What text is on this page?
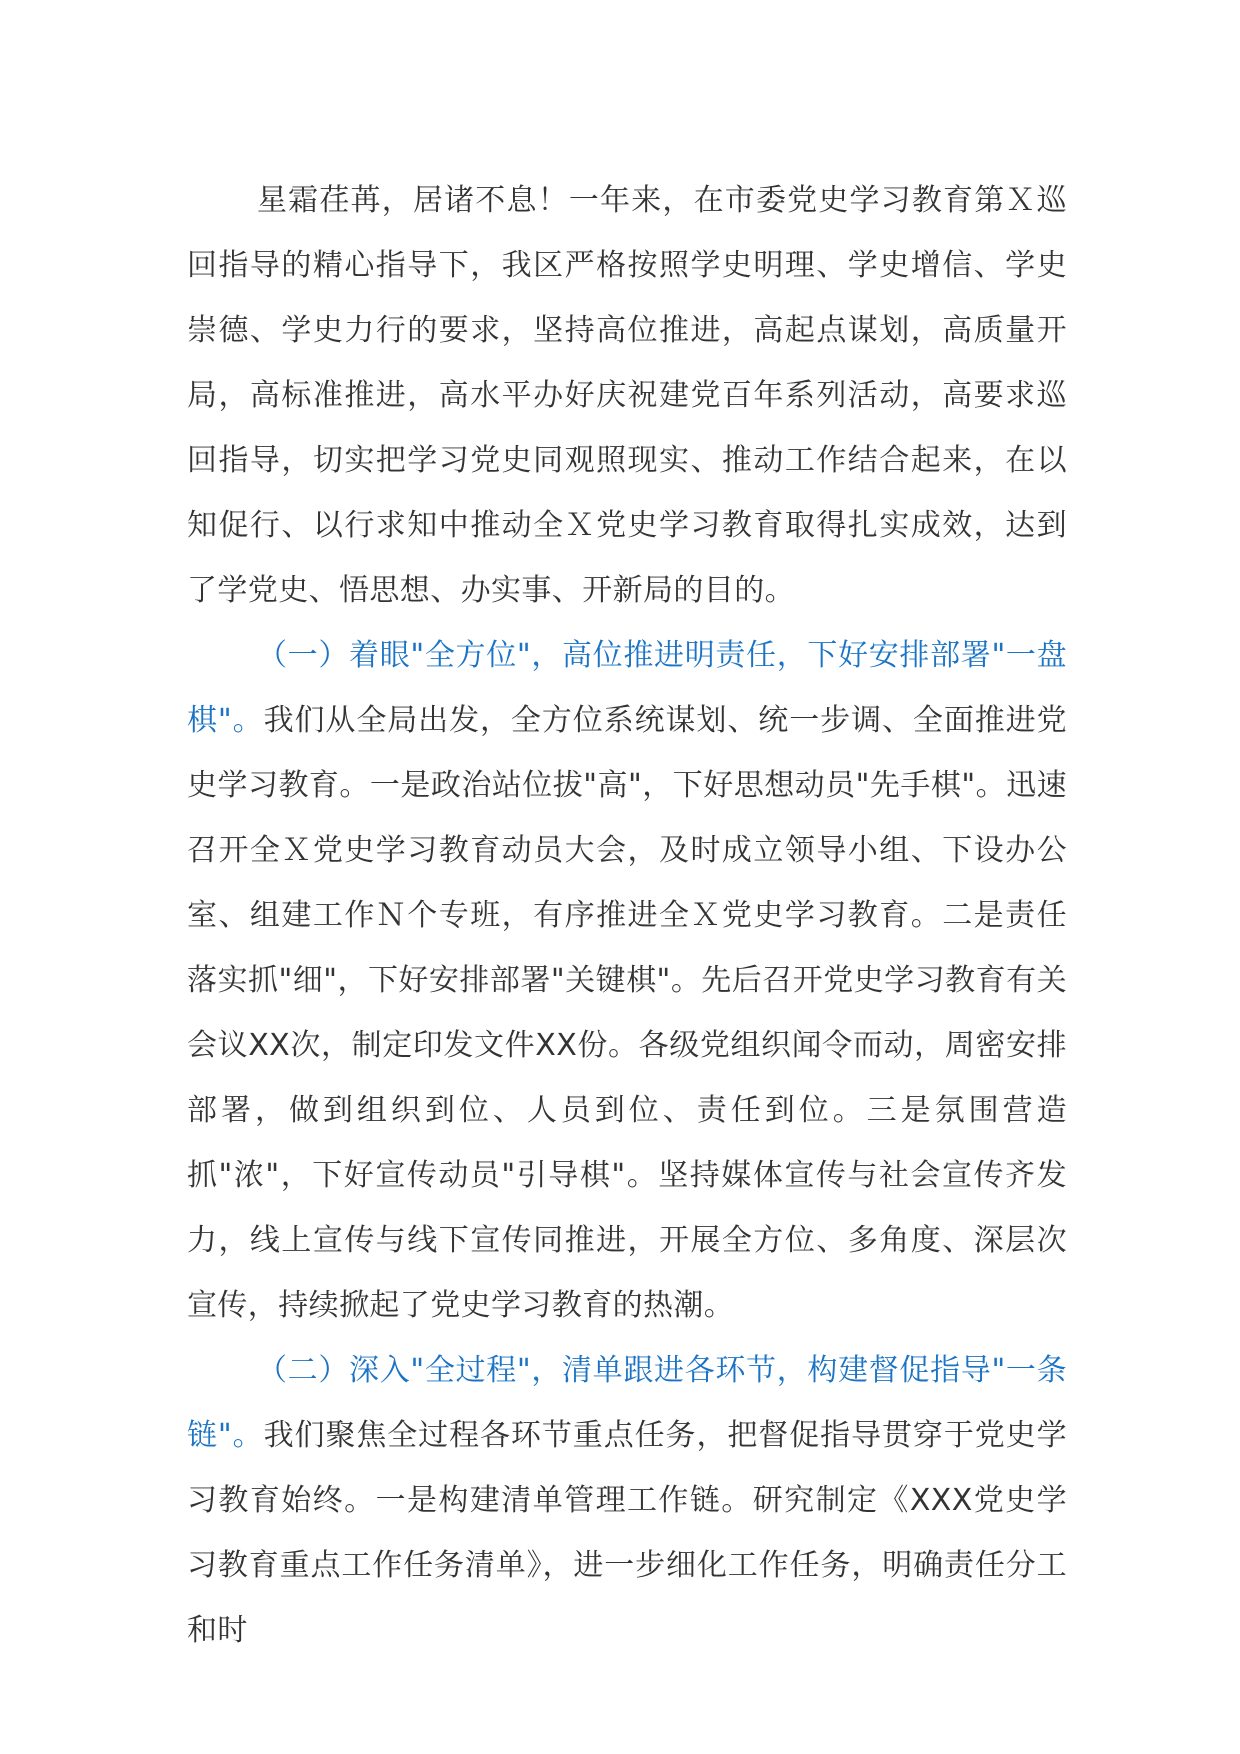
星霜荏苒，居诸不息！一年来，在市委党史学习教育第Ｘ巡回指导的精心指导下，我区严格按照学史明理、学史增信、学史崇德、学史力行的要求，坚持高位推进，高起点谋划，高质量开局，高标准推进，高水平办好庆祝建党百年系列活动，高要求巡回指导，切实把学习党史同观照现实、推动工作结合起来，在以知促行、以行求知中推动全Ｘ党史学习教育取得扎实成效，达到了学党史、悟思想、办实事、开新局的目的。

（一）着眼"全方位"，高位推进明责任，下好安排部署"一盘棋"。我们从全局出发，全方位系统谋划、统一步调、全面推进党史学习教育。一是政治站位拔"高"，下好思想动员"先手棋"。迅速召开全Ｘ党史学习教育动员大会，及时成立领导小组、下设办公室、组建工作Ｎ个专班，有序推进全Ｘ党史学习教育。二是责任落实抓"细"，下好安排部署"关键棋"。先后召开党史学习教育有关会议XX次，制定印发文件XX份。各级党组织闻令而动，周密安排部署，做到组织到位、人员到位、责任到位。三是氛围营造抓"浓"，下好宣传动员"引导棋"。坚持媒体宣传与社会宣传齐发力，线上宣传与线下宣传同推进，开展全方位、多角度、深层次宣传，持续掀起了党史学习教育的热潮。

（二）深入"全过程"，清单跟进各环节，构建督促指导"一条链"。我们聚焦全过程各环节重点任务，把督促指导贯穿于党史学习教育始终。一是构建清单管理工作链。研究制定《XXX党史学习教育重点工作任务清单》，进一步细化工作任务，明确责任分工和时
